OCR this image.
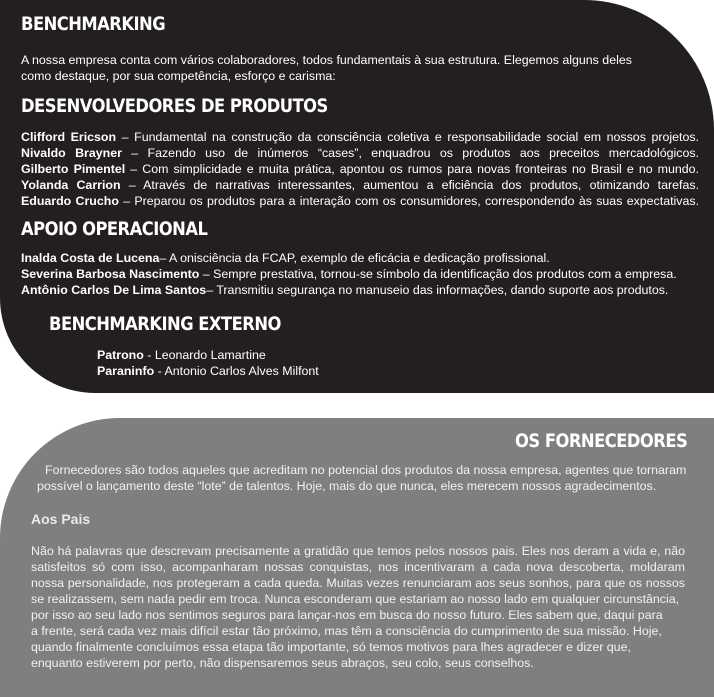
BENCHMARKING

A nossa empresa conta com vários colaboradores, todos fundamentais à sua estrutura. Elegemos alguns deles
como destaque, por sua competência, esforço e carisma:

DESENVOLVEDORES DE PRODUTOS
Clifford Ericson – Fundamental na construção da consciência coletiva e responsabilidade social em nossos projetos.
Nivaldo Brayner – Fazendo uso de inúmeros “cases”, enquadrou os produtos aos preceitos mercadológicos.
Gilberto Pimentel – Com simplicidade e muita prática, apontou os rumos para novas fronteiras no Brasil e no mundo.
Yolanda Carrion – Através de narrativas interessantes, aumentou a eficiência dos produtos, otimizando tarefas.
Eduardo Crucho – Preparou os produtos para a interação com os consumidores, correspondendo às suas expectativas.
APOIO OPERACIONAL
Inalda Costa de Lucena– A onisciência da FCAP, exemplo de eficácia e dedicação profissional.
Severina Barbosa Nascimento – Sempre prestativa, tornou-se símbolo da identificação dos produtos com a empresa.
Antônio Carlos De Lima Santos– Transmitiu segurança no manuseio das informações, dando suporte aos produtos.
BENCHMARKING EXTERNO
Patrono - Leonardo Lamartine
Paraninfo - Antonio Carlos Alves Milfont
OS FORNECEDORES

Fornecedores são todos aqueles que acreditam no potencial dos produtos da nossa empresa, agentes que tornaram
possível o lançamento deste “lote” de talentos. Hoje, mais do que nunca, eles merecem nossos agradecimentos.

Aos Pais
Não há palavras que descrevam precisamente a gratidão que temos pelos nossos pais. Eles nos deram a vida e, não
satisfeitos só com isso, acompanharam nossas conquistas, nos incentivaram a cada nova descoberta, moldaram
nossa personalidade, nos protegeram a cada queda. Muitas vezes renunciaram aos seus sonhos, para que os nossos
se realizassem, sem nada pedir em troca. Nunca esconderam que estariam ao nosso lado em qualquer circunstância,
por isso ao seu lado nos sentimos seguros para lançar-nos em busca do nosso futuro. Eles sabem que, daqui para
a frente, será cada vez mais difícil estar tão próximo, mas têm a consciência do cumprimento de sua missão. Hoje,
quando finalmente concluímos essa etapa tão importante, só temos motivos para lhes agradecer e dizer que,
enquanto estiverem por perto, não dispensaremos seus abraços, seu colo, seus conselhos.
